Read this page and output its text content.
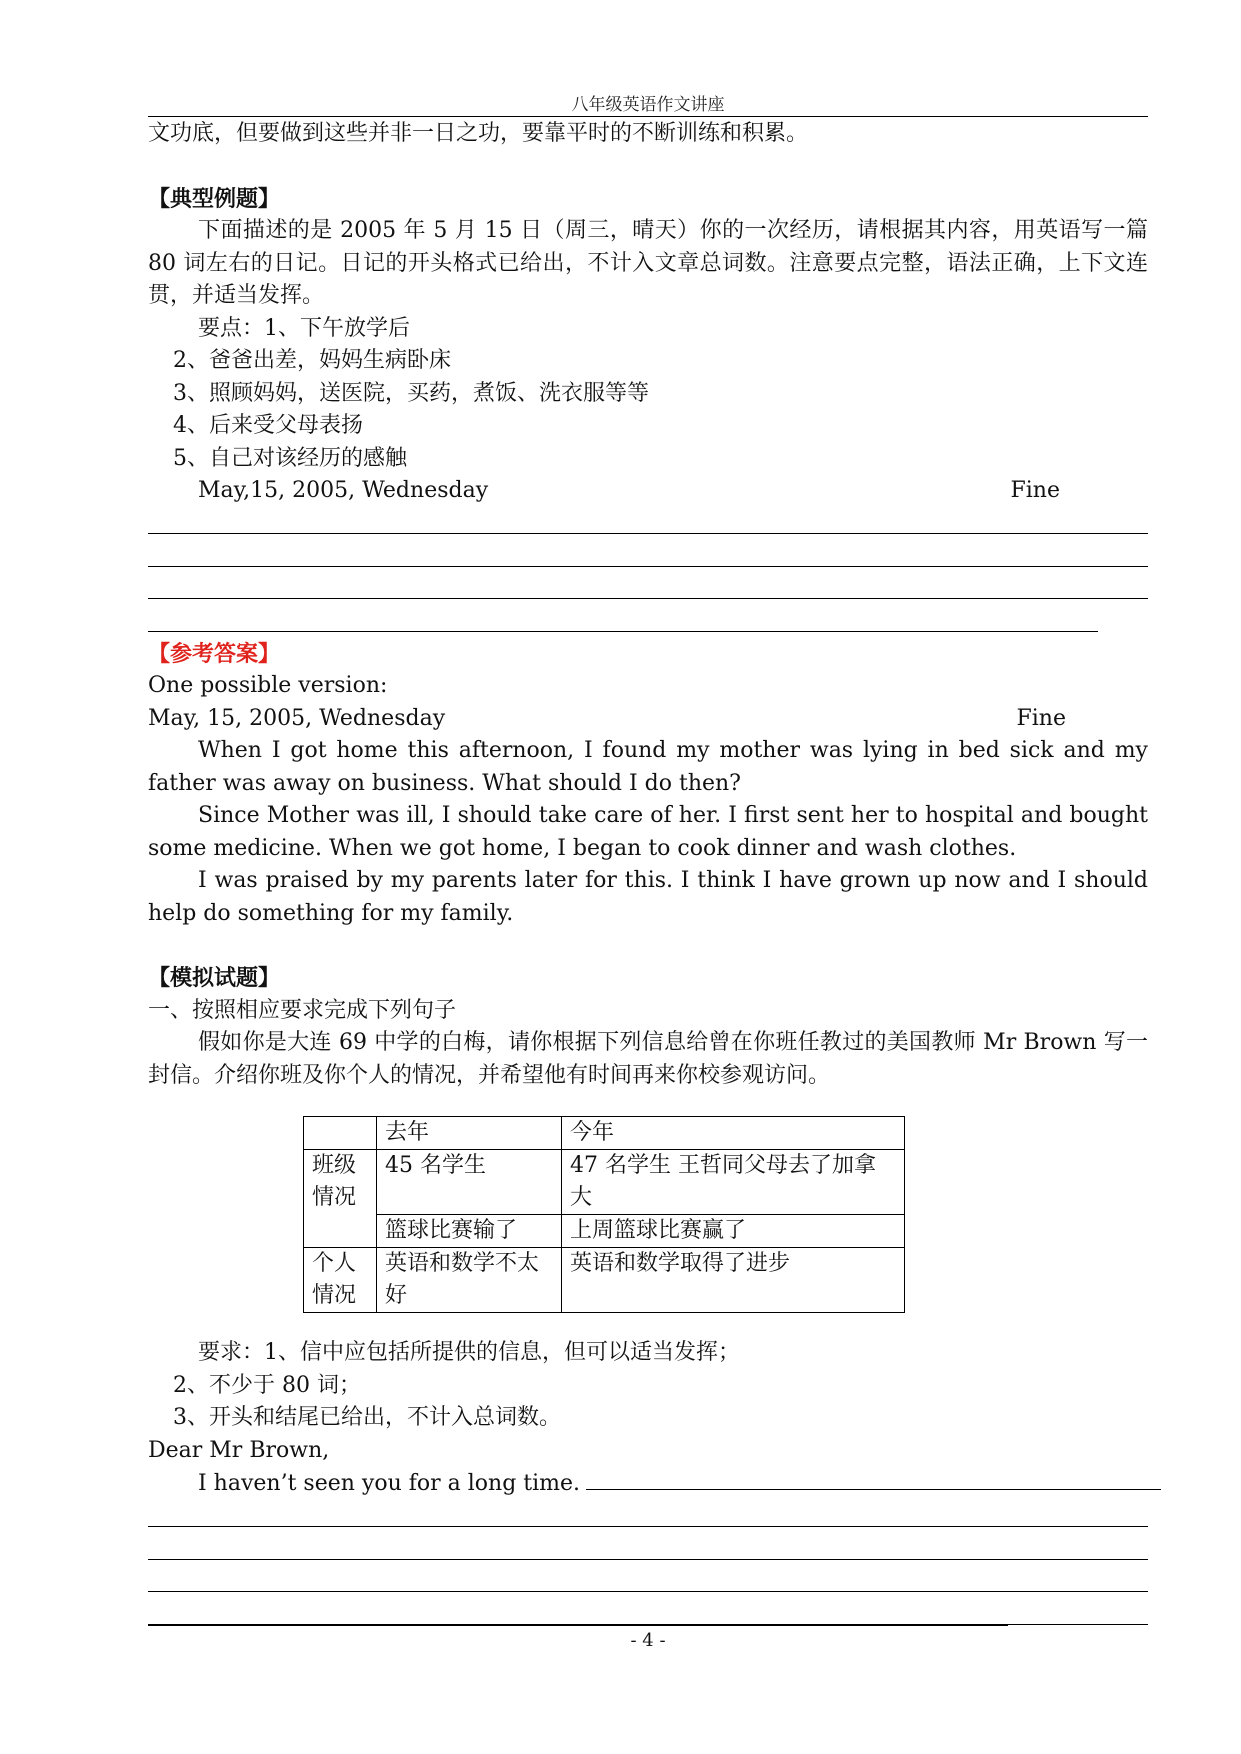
八年级英语作文讲座

文功底，但要做到这些并非一日之功，要靠平时的不断训练和积累。

【典型例题】

下面描述的是 2005 年 5 月 15 日（周三，晴天）你的一次经历，请根据其内容，用英语写一篇 80 词左右的日记。日记的开头格式已给出，不计入文章总词数。注意要点完整，语法正确，上下文连贯，并适当发挥。

要点：1、下午放学后

2、爸爸出差，妈妈生病卧床

3、照顾妈妈，送医院，买药，煮饭、洗衣服等等

4、后来受父母表扬

5、自己对该经历的感触

May,15, 2005, Wednesday	Fine

【参考答案】

One possible version:

May, 15, 2005, Wednesday	Fine

When I got home this afternoon, I found my mother was lying in bed sick and my father was away on business. What should I do then?

Since Mother was ill, I should take care of her. I first sent her to hospital and bought some medicine. When we got home, I began to cook dinner and wash clothes.

I was praised by my parents later for this. I think I have grown up now and I should help do something for my family.

【模拟试题】

一、按照相应要求完成下列句子

假如你是大连 69 中学的白梅，请你根据下列信息给曾在你班任教过的美国教师 Mr Brown 写一封信。介绍你班及你个人的情况，并希望他有时间再来你校参观访问。

	去年	今年
班级情况	45 名学生	47 名学生 王哲同父母去了加拿大
	篮球比赛输了	上周篮球比赛赢了
个人情况	英语和数学不太好	英语和数学取得了进步

要求：1、信中应包括所提供的信息，但可以适当发挥；

2、不少于 80 词；

3、开头和结尾已给出，不计入总词数。

Dear Mr Brown,

I haven’t seen you for a long time.

- 4 -
